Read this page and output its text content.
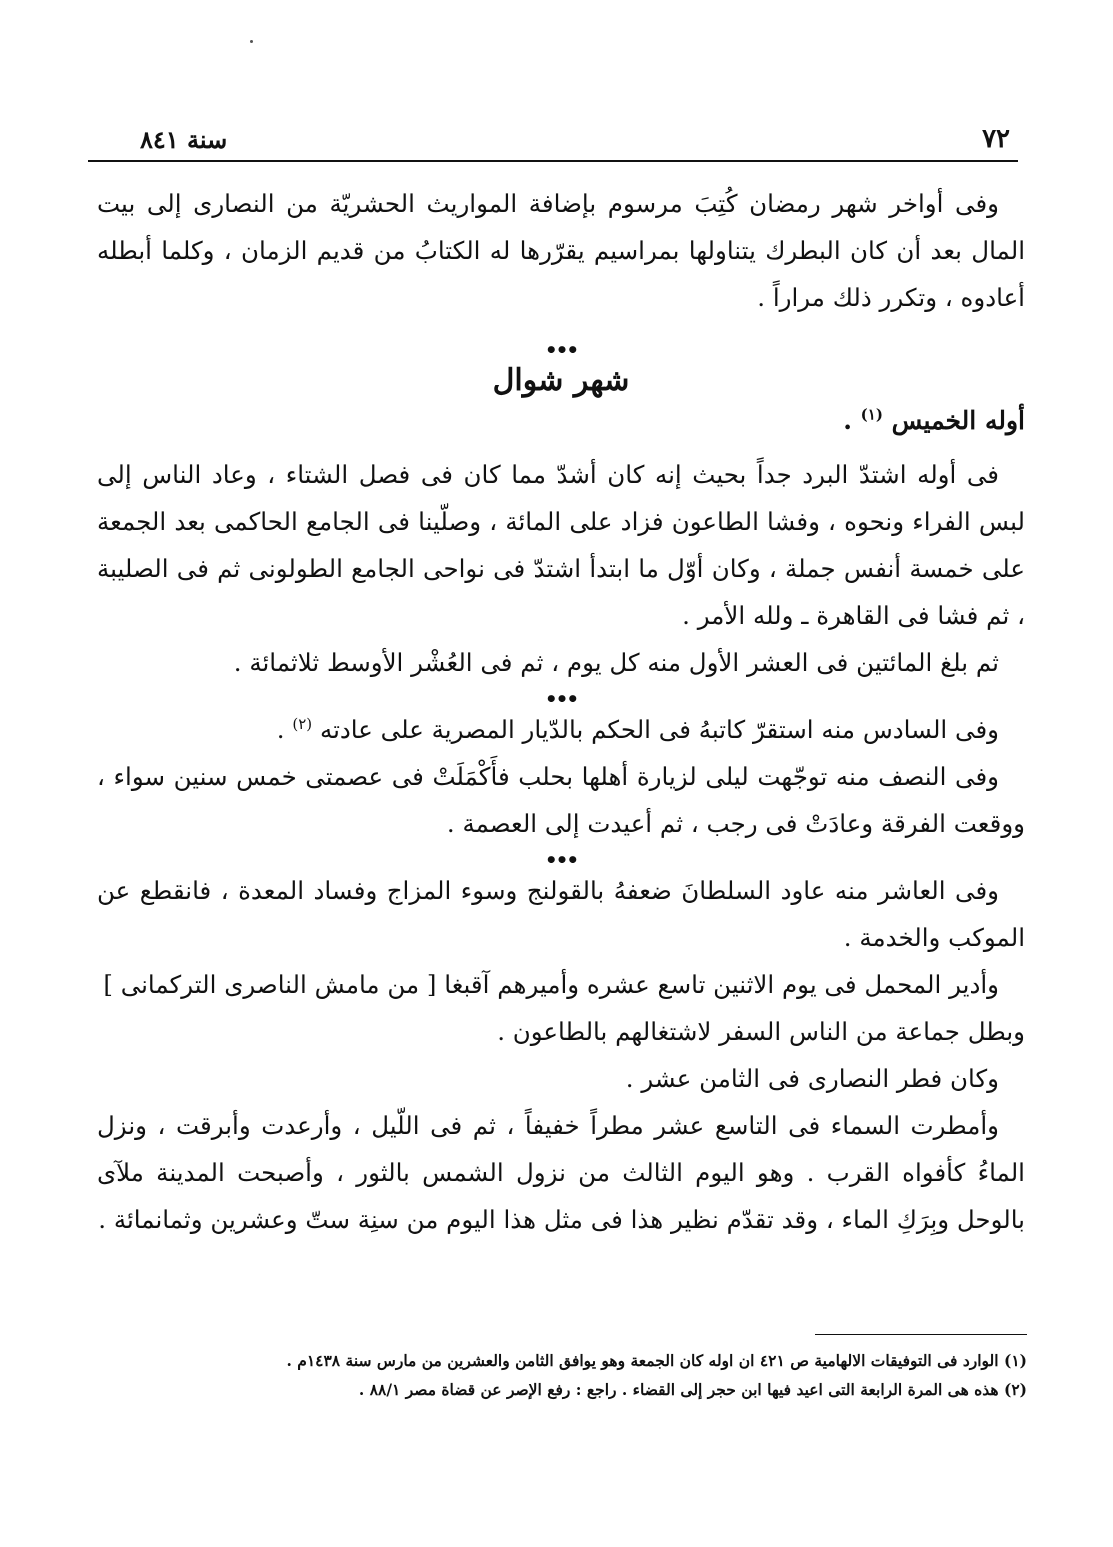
٧٢
سنة ٨٤١

وفى أواخر شهر رمضان كُتِبَ مرسوم بإضافة المواريث الحشريّة من النصارى إلى بيت المال بعد أن كان البطرك يتناولها بمراسيم يقرّرها له الكتابُ من قديم الزمان ، وكلما أبطله أعادوه ، وتكرر ذلك مراراً .

•••
شهر شوال

أوله الخميس $^{(١)}$ .

فى أوله اشتدّ البرد جداً بحيث إنه كان أشدّ مما كان فى فصل الشتاء ، وعاد الناس إلى لبس الفراء ونحوه ، وفشا الطاعون فزاد على المائة ، وصلّينا فى الجامع الحاكمى بعد الجمعة على خمسة أنفس جملة ، وكان أوّل ما ابتدأ اشتدّ فى نواحى الجامع الطولونى ثم فى الصليبة ، ثم فشا فى القاهرة ـ ولله الأمر .

ثم بلغ المائتين فى العشر الأول منه كل يوم ، ثم فى العُشْر الأوسط ثلاثمائة .

•••

وفى السادس منه استقرّ كاتبهُ فى الحكم بالدّيار المصرية على عادته $^{(٢)}$ .

وفى النصف منه توجّهت ليلى لزيارة أهلها بحلب فأَكْمَلَتْ فى عصمتى خمس سنين سواء ، ووقعت الفرقة وعادَتْ فى رجب ، ثم أعيدت إلى العصمة .

•••

وفى العاشر منه عاود السلطانَ ضعفهُ بالقولنج وسوء المزاج وفساد المعدة ، فانقطع عن الموكب والخدمة .

وأدير المحمل فى يوم الاثنين تاسع عشره وأميرهم آقبغا [ من مامش الناصرى التركمانى ]

وبطل جماعة من الناس السفر لاشتغالهم بالطاعون .

وكان فطر النصارى فى الثامن عشر .

وأمطرت السماء فى التاسع عشر مطراً خفيفاً ، ثم فى اللّيل ، وأرعدت وأبرقت ، ونزل الماءُ كأفواه القرب . وهو اليوم الثالث من نزول الشمس بالثور ، وأصبحت المدينة ملآى بالوحل وبِرَكِ الماء ، وقد تقدّم نظير هذا فى مثل هذا اليوم من سنِة ستّ وعشرين وثمانمائة .

(١) الوارد فى التوفيقات الالهامية ص ٤٢١ ان اوله كان الجمعة وهو يوافق الثامن والعشرين من مارس سنة ١٤٣٨م .

(٢) هذه هى المرة الرابعة التى اعيد فيها ابن حجر إلى القضاء . راجع : رفع الإصر عن قضاة مصر ٨٨/١ .
